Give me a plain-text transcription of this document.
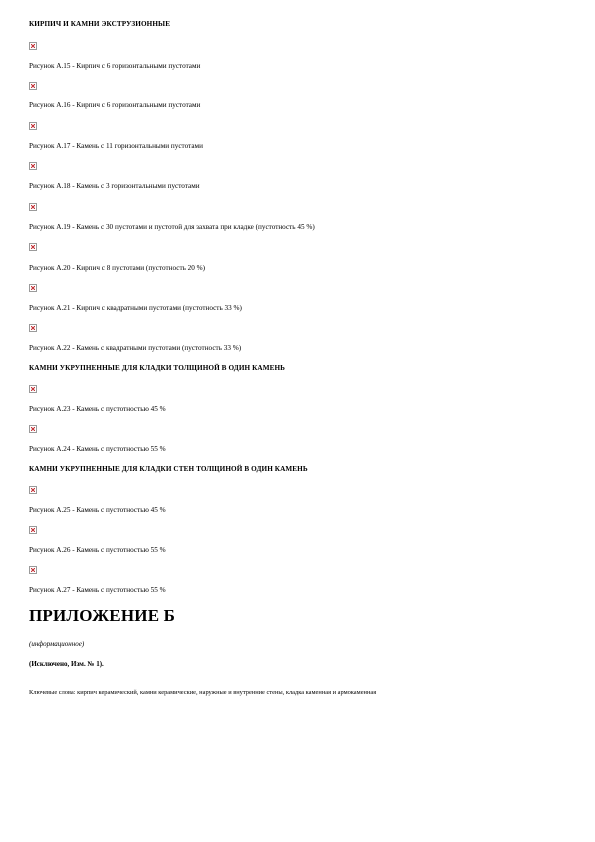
КИРПИЧ И КАМНИ ЭКСТРУЗИОННЫЕ
Рисунок А.15 - Кирпич с 6 горизонтальными пустотами
Рисунок А.16 - Кирпич с 6 горизонтальными пустотами
Рисунок А.17 - Камень с 11 горизонтальными пустотами
Рисунок А.18 - Камень с 3 горизонтальными пустотами
Рисунок А.19 - Камень с 30 пустотами и пустотой для захвата при кладке (пустотность 45 %)
Рисунок А.20 - Кирпич с 8 пустотами (пустотность 20 %)
Рисунок А.21 - Кирпич с квадратными пустотами (пустотность 33 %)
Рисунок А.22 - Камень с квадратными пустотами (пустотность 33 %)
КАМНИ УКРУПНЕННЫЕ ДЛЯ КЛАДКИ ТОЛЩИНОЙ В ОДИН КАМЕНЬ
Рисунок А.23 - Камень с пустотностью 45 %
Рисунок А.24 - Камень с пустотностью 55 %
КАМНИ УКРУПНЕННЫЕ ДЛЯ КЛАДКИ СТЕН ТОЛЩИНОЙ В ОДИН КАМЕНЬ
Рисунок А.25 - Камень с пустотностью 45 %
Рисунок А.26 - Камень с пустотностью 55 %
Рисунок А.27 - Камень с пустотностью 55 %
ПРИЛОЖЕНИЕ Б
(информационное)
(Исключено, Изм. № 1).
Ключевые слова: кирпич керамический, камни керамические, наружные и внутренние стены, кладка каменная и армокаменная
